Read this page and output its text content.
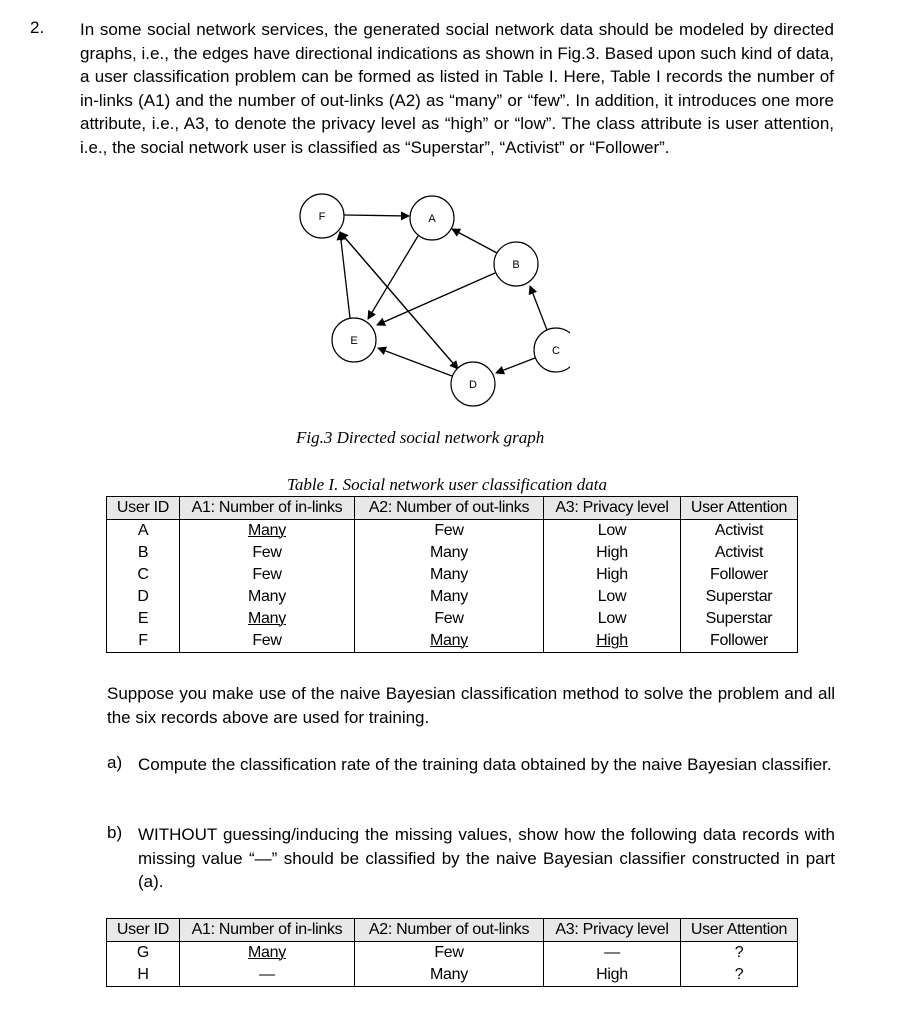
2. In some social network services, the generated social network data should be modeled by directed graphs, i.e., the edges have directional indications as shown in Fig.3. Based upon such kind of data, a user classification problem can be formed as listed in Table I. Here, Table I records the number of in-links (A1) and the number of out-links (A2) as “many” or “few”. In addition, it introduces one more attribute, i.e., A3, to denote the privacy level as “high” or “low”. The class attribute is user attention, i.e., the social network user is classified as “Superstar”, “Activist” or “Follower”.

F	A
B
C
D
E
Fig.3 Directed social network graph
Table I. Social network user classification data
User ID	A1: Number of in-links	A2: Number of out-links	A3: Privacy level	User Attention
A	Many	Few	Low	Activist
B	Few	Many	High	Activist
C	Few	Many	High	Follower
D	Many	Many	Low	Superstar
E	Many	Few	Low	Superstar
F	Few	Many	High	Follower

Suppose you make use of the naive Bayesian classification method to solve the problem and all the six records above are used for training.

a) Compute the classification rate of the training data obtained by the naive Bayesian classifier.

b) WITHOUT guessing/inducing the missing values, show how the following data records with missing value “—” should be classified by the naive Bayesian classifier constructed in part (a).

User ID	A1: Number of in-links	A2: Number of out-links	A3: Privacy level	User Attention
G	Many	Few	—	?
H	—	Many	High	?
